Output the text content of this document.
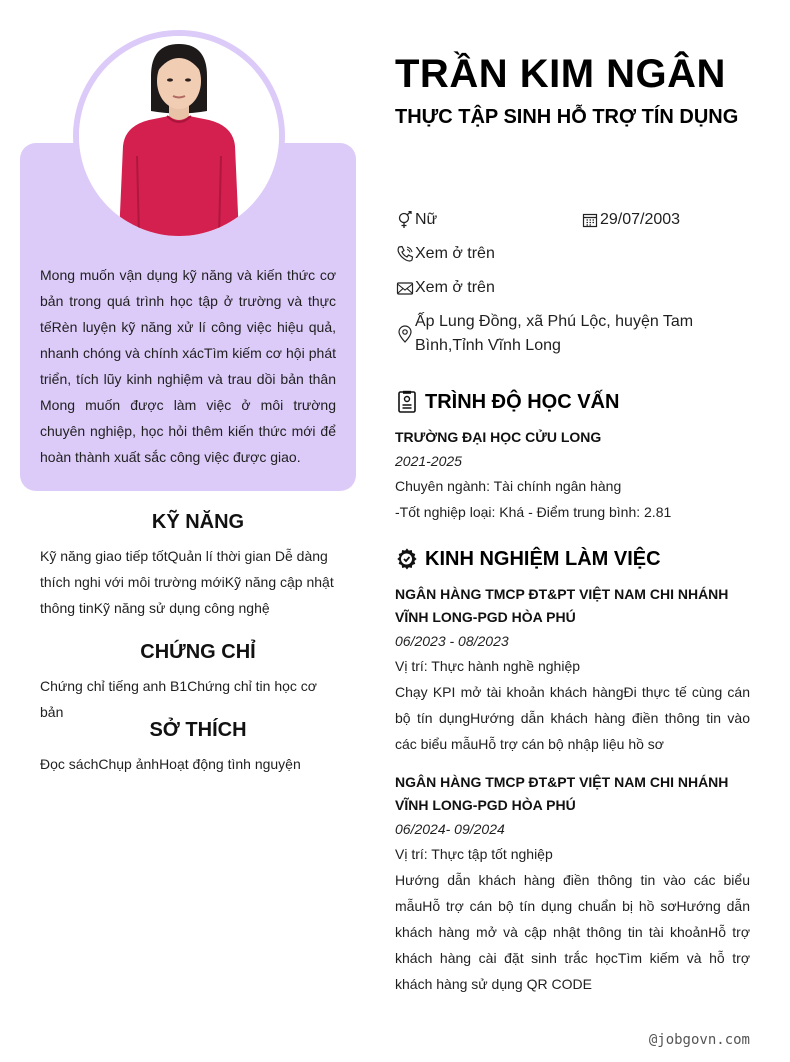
Mong muốn vận dụng kỹ năng và kiến thức cơ bản trong quá trình học tập ở trường và thực tếRèn luyện kỹ năng xử lí công việc hiệu quả, nhanh chóng và chính xácTìm kiếm cơ hội phát triển, tích lũy kinh nghiệm và trau dồi bản thân Mong muốn được làm việc ở môi trường chuyên nghiệp, học hỏi thêm kiến thức mới để hoàn thành xuất sắc công việc được giao.

KỸ NĂNG

Kỹ năng giao tiếp tốtQuản lí thời gian Dễ dàng thích nghi với môi trường mớiKỹ năng cập nhật thông tinKỹ năng sử dụng công nghệ

CHỨNG CHỈ

Chứng chỉ tiếng anh B1Chứng chỉ tin học cơ bản

SỞ THÍCH

Đọc sáchChụp ảnhHoạt động tình nguyện

TRẦN KIM NGÂN
THỰC TẬP SINH HỖ TRỢ TÍN DỤNG
Nữ	29/07/2003
Xem ở trên
Xem ở trên
Ấp Lung Đồng, xã Phú Lộc, huyện Tam Bình,Tỉnh Vĩnh Long
TRÌNH ĐỘ HỌC VẤN
TRƯỜNG ĐẠI HỌC CỬU LONG
2021-2025
Chuyên ngành: Tài chính ngân hàng
-Tốt nghiệp loại: Khá - Điểm trung bình: 2.81
KINH NGHIỆM LÀM VIỆC
NGÂN HÀNG TMCP ĐT&PT VIỆT NAM CHI NHÁNH VĨNH LONG-PGD HÒA PHÚ
06/2023 - 08/2023
Vị trí: Thực hành nghề nghiệp
Chạy KPI mở tài khoản khách hàngĐi thực tế cùng cán bộ tín dụngHướng dẫn khách hàng điền thông tin vào các biểu mẫuHỗ trợ cán bộ nhập liệu hồ sơ
NGÂN HÀNG TMCP ĐT&PT VIỆT NAM CHI NHÁNH VĨNH LONG-PGD HÒA PHÚ
06/2024- 09/2024
Vị trí: Thực tập tốt nghiệp
Hướng dẫn khách hàng điền thông tin vào các biểu mẫuHỗ trợ cán bộ tín dụng chuẩn bị hồ sơHướng dẫn khách hàng mở và cập nhật thông tin tài khoảnHỗ trợ khách hàng cài đặt sinh trắc họcTìm kiếm và hỗ trợ khách hàng sử dụng QR CODE
@jobgovn.com
